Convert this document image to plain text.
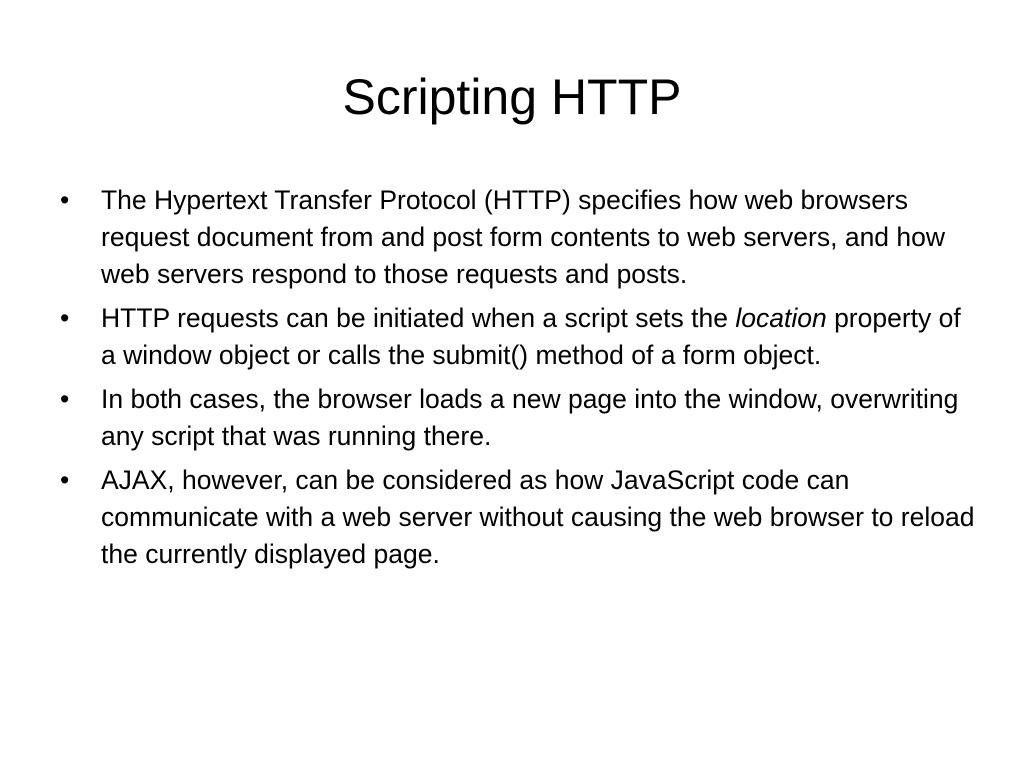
Scripting HTTP
•	The Hypertext Transfer Protocol (HTTP) specifies how web browsers request document from and post form contents to web servers, and how web servers respond to those requests and posts.
•	HTTP requests can be initiated when a script sets the location property of a window object or calls the submit() method of a form object.
•	In both cases, the browser loads a new page into the window, overwriting any script that was running there.
•	AJAX, however, can be considered as how JavaScript code can communicate with a web server without causing the web browser to reload the currently displayed page.
